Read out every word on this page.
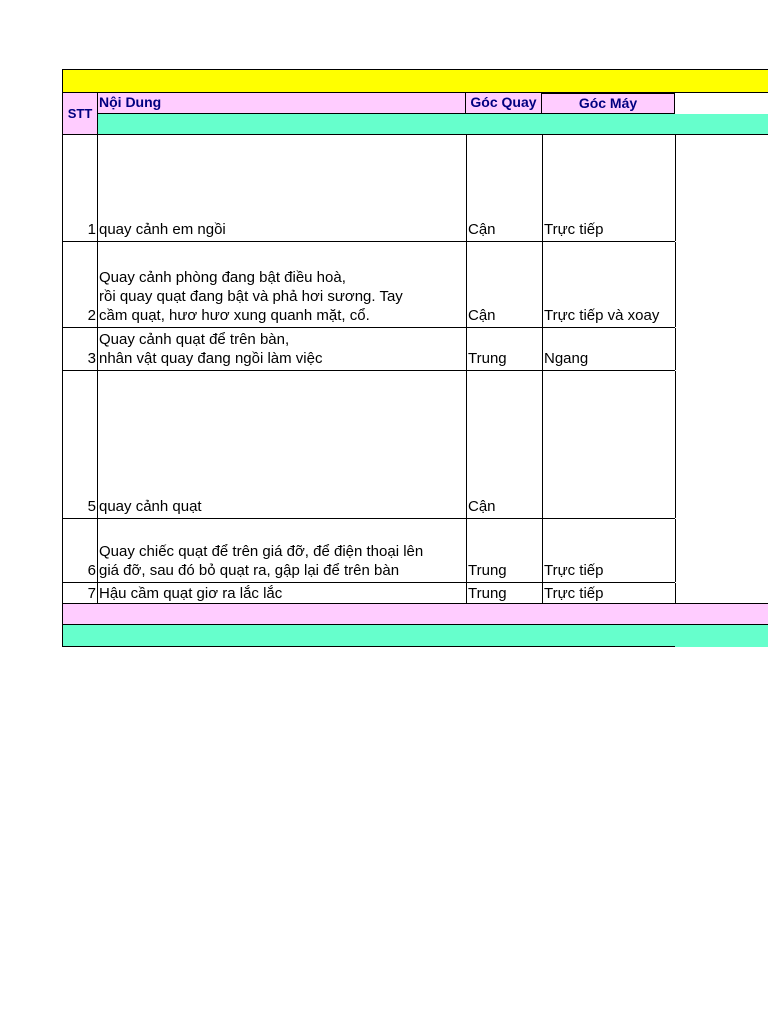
STT
Nội Dung	Góc Quay	Góc Máy
1 quay cảnh em ngồi	Cận	Trực tiếp
2
Quay cảnh phòng đang bật điều hoà,
rồi quay quạt đang bật và phả hơi sương. Tay
cầm quạt, hươ hươ xung quanh mặt, cổ.	Cận	Trực tiếp và xoay
3
Quay cảnh quạt để trên bàn,
nhân vật quay đang ngồi làm việc	Trung	Ngang
5 quay cảnh quạt	Cận
6
Quay chiếc quạt để trên giá đỡ, để điện thoại lên
giá đỡ, sau đó bỏ quạt ra, gập lại để trên bàn	Trung	Trực tiếp
7 Hậu cầm quạt giơ ra lắc lắc	Trung	Trực tiếp
